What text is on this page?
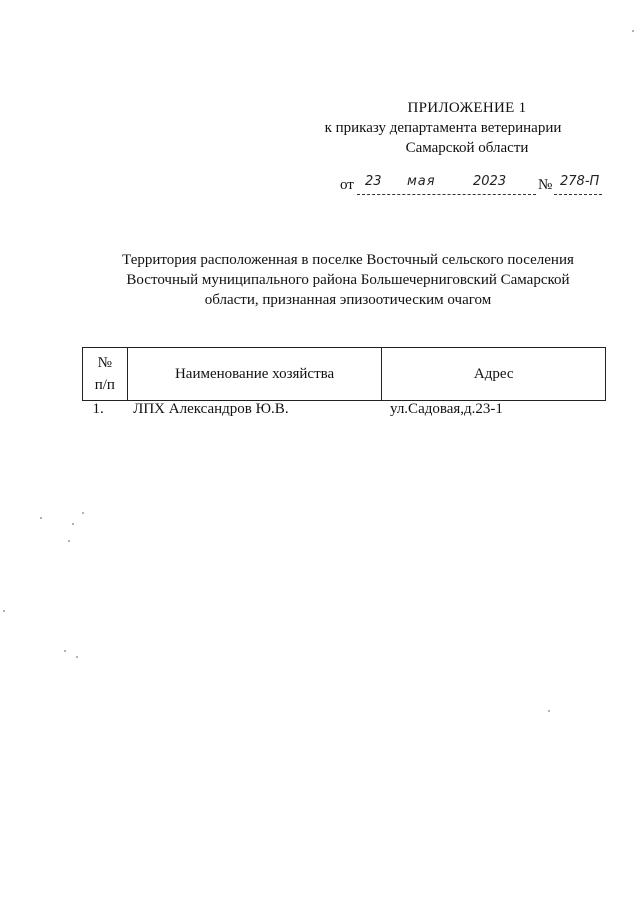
ПРИЛОЖЕНИЕ 1
к приказу департамента ветеринарии
Самарской области
от 23 мая	2023 № 278-П
Территория расположенная в поселке Восточный сельского поселения
Восточный муниципального района Большечерниговский Самарской
области, признанная эпизоотическим очагом
№
п/п	Наименование хозяйства	Адрес
1.	ЛПХ Александров Ю.В.	ул.Садовая,д.23-1
